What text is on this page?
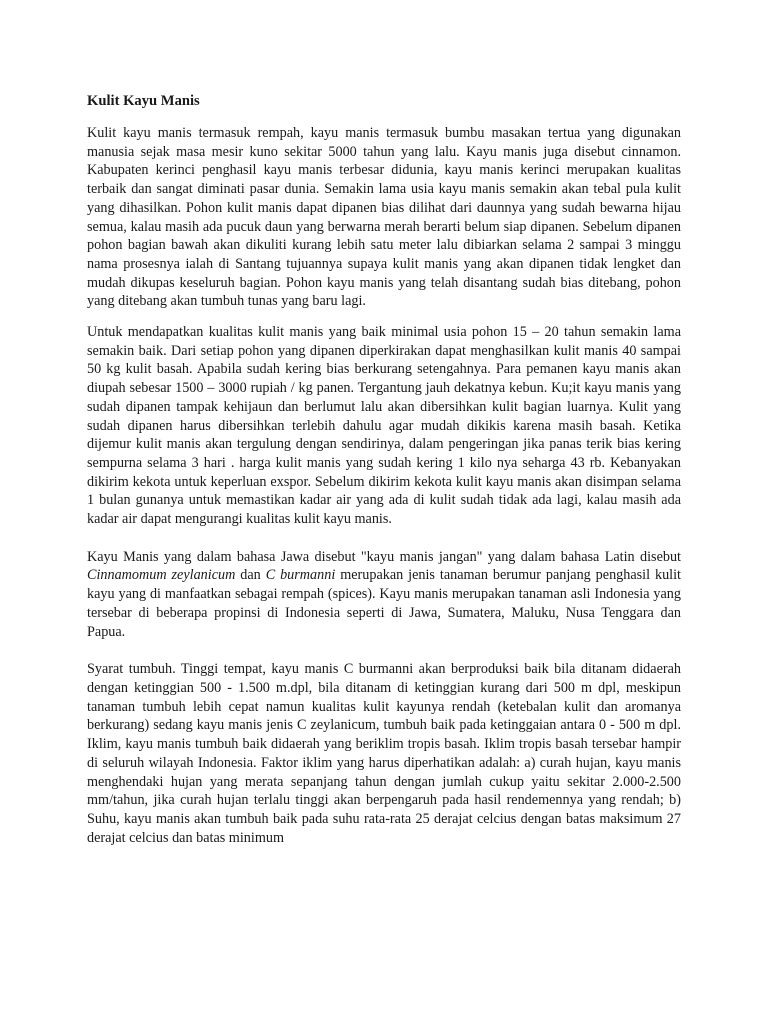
Kulit Kayu Manis

Kulit kayu manis termasuk rempah, kayu manis termasuk bumbu masakan tertua yang digunakan manusia sejak masa mesir kuno sekitar 5000 tahun yang lalu. Kayu manis juga disebut cinnamon. Kabupaten kerinci penghasil kayu manis terbesar didunia, kayu manis kerinci merupakan kualitas terbaik dan sangat diminati pasar dunia. Semakin lama usia kayu manis semakin akan tebal pula kulit yang dihasilkan. Pohon kulit manis dapat dipanen bias dilihat dari daunnya yang sudah bewarna hijau semua, kalau masih ada pucuk daun yang berwarna merah berarti belum siap dipanen. Sebelum dipanen pohon bagian bawah akan dikuliti kurang lebih satu meter lalu dibiarkan selama 2 sampai 3 minggu nama prosesnya ialah di Santang tujuannya supaya kulit manis yang akan dipanen tidak lengket dan mudah dikupas keseluruh bagian. Pohon kayu manis yang telah disantang sudah bias ditebang, pohon yang ditebang akan tumbuh tunas yang baru lagi.

Untuk mendapatkan kualitas kulit manis yang baik minimal usia pohon 15 – 20 tahun semakin lama semakin baik. Dari setiap pohon yang dipanen diperkirakan dapat menghasilkan kulit manis 40 sampai 50 kg kulit basah. Apabila sudah kering bias berkurang setengahnya. Para pemanen kayu manis akan diupah sebesar 1500 – 3000 rupiah / kg panen. Tergantung jauh dekatnya kebun. Ku;it kayu manis yang sudah dipanen tampak kehijaun dan berlumut lalu akan dibersihkan kulit bagian luarnya. Kulit yang sudah dipanen harus dibersihkan terlebih dahulu agar mudah dikikis karena masih basah. Ketika dijemur kulit manis akan tergulung dengan sendirinya, dalam pengeringan jika panas terik bias kering sempurna selama 3 hari . harga kulit manis yang sudah kering 1 kilo nya seharga 43 rb. Kebanyakan dikirim kekota untuk keperluan exspor. Sebelum dikirim kekota kulit kayu manis akan disimpan selama 1 bulan gunanya untuk memastikan kadar air yang ada di kulit sudah tidak ada lagi, kalau masih ada kadar air dapat mengurangi kualitas kulit kayu manis.

Kayu Manis yang dalam bahasa Jawa disebut "kayu manis jangan" yang dalam bahasa Latin disebut Cinnamomum zeylanicum dan C burmanni merupakan jenis tanaman berumur panjang penghasil kulit kayu yang di manfaatkan sebagai rempah (spices). Kayu manis merupakan tanaman asli Indonesia yang tersebar di beberapa propinsi di Indonesia seperti di Jawa, Sumatera, Maluku, Nusa Tenggara dan Papua.

Syarat tumbuh. Tinggi tempat, kayu manis C burmanni akan berproduksi baik bila ditanam didaerah dengan ketinggian 500 - 1.500 m.dpl, bila ditanam di ketinggian kurang dari 500 m dpl, meskipun tanaman tumbuh lebih cepat namun kualitas kulit kayunya rendah (ketebalan kulit dan aromanya berkurang) sedang kayu manis jenis C zeylanicum, tumbuh baik pada ketinggaian antara 0 - 500 m dpl. Iklim, kayu manis tumbuh baik didaerah yang beriklim tropis basah. Iklim tropis basah tersebar hampir di seluruh wilayah Indonesia. Faktor iklim yang harus diperhatikan adalah: a) curah hujan, kayu manis menghendaki hujan yang merata sepanjang tahun dengan jumlah cukup yaitu sekitar 2.000-2.500 mm/tahun, jika curah hujan terlalu tinggi akan berpengaruh pada hasil rendemennya yang rendah; b) Suhu, kayu manis akan tumbuh baik pada suhu rata-rata 25 derajat celcius dengan batas maksimum 27 derajat celcius dan batas minimum
